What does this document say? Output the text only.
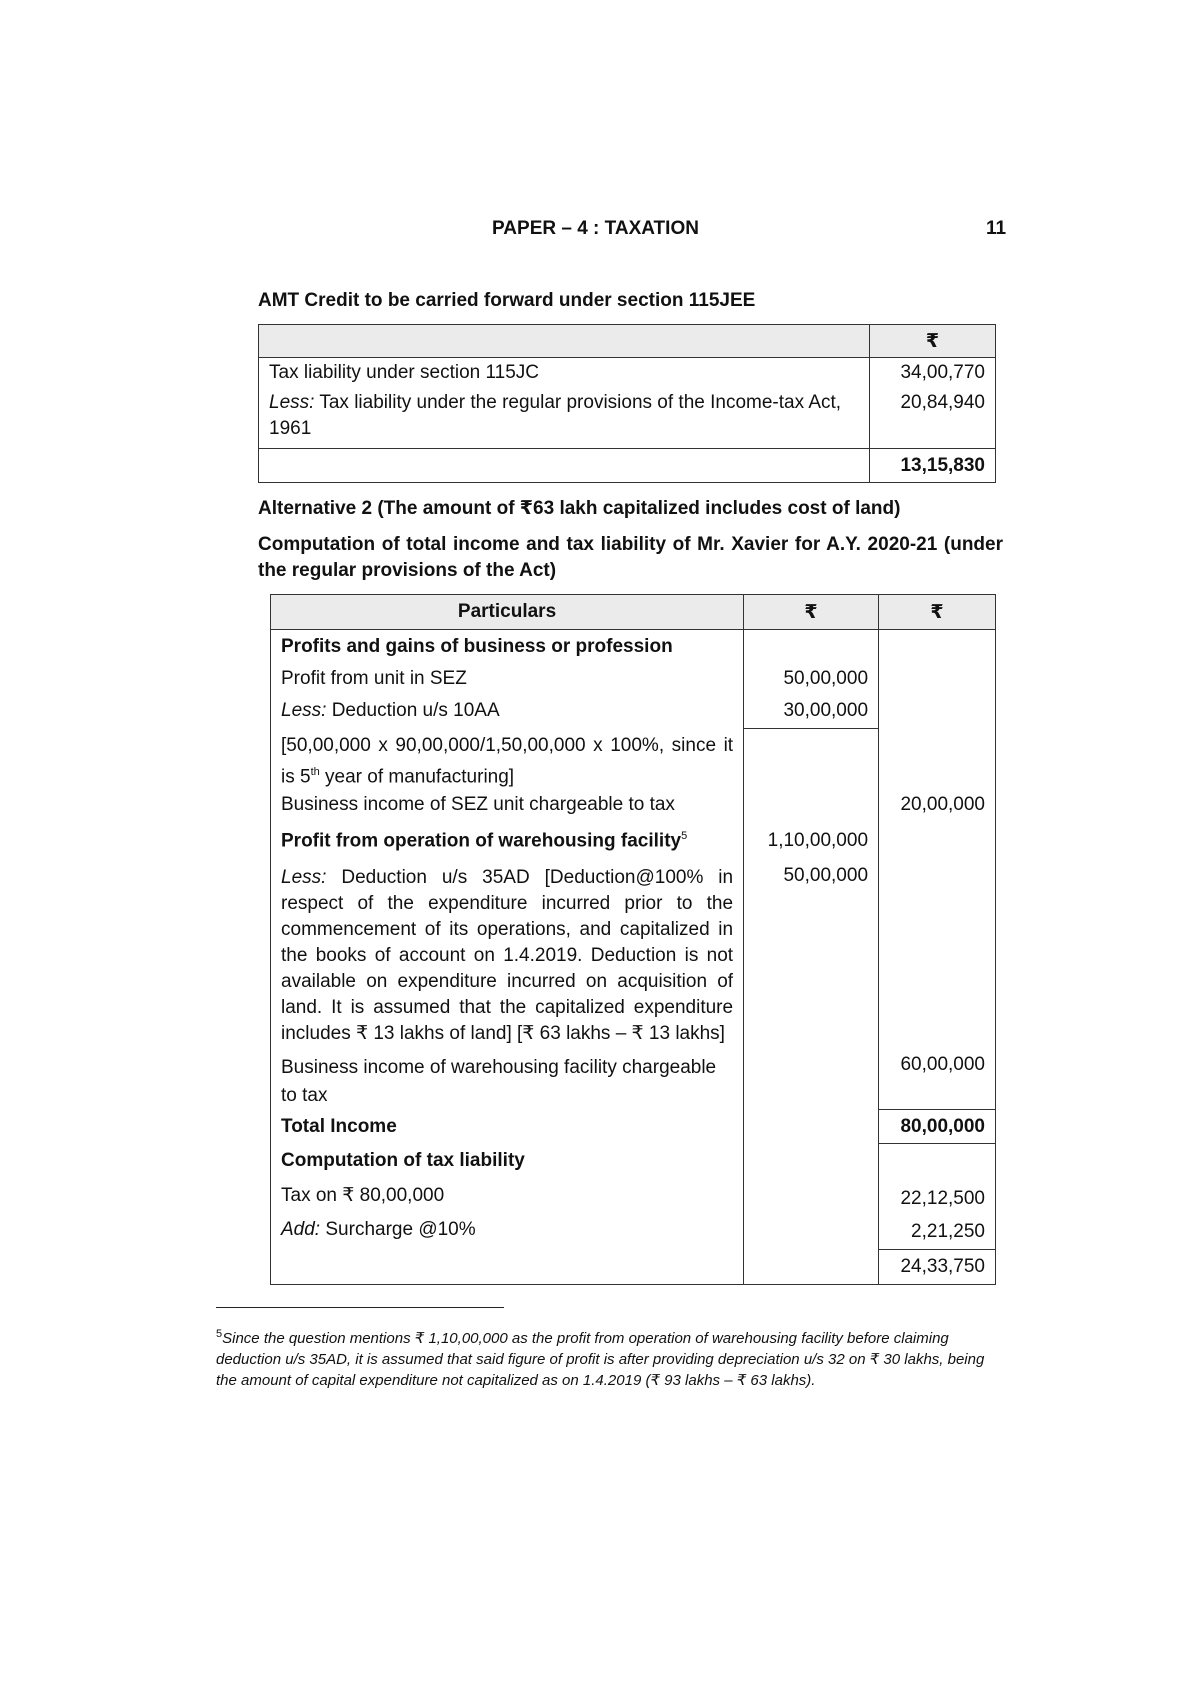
PAPER – 4 : TAXATION	11
AMT Credit to be carried forward under section 115JEE
	₹
Tax liability under section 115JC	34,00,770
Less: Tax liability under the regular provisions of the Income-tax Act, 1961	20,84,940
	13,15,830
Alternative 2 (The amount of ₹63 lakh capitalized includes cost of land)
Computation of total income and tax liability of Mr. Xavier for A.Y. 2020-21 (under the regular provisions of the Act)
Particulars	₹	₹
Profits and gains of business or profession		
Profit from unit in SEZ	50,00,000	
Less: Deduction u/s 10AA	30,00,000	
[50,00,000 x 90,00,000/1,50,00,000 x 100%, since it is 5th year of manufacturing]		
Business income of SEZ unit chargeable to tax		20,00,000
Profit from operation of warehousing facility$^5$	1,10,00,000	
Less: Deduction u/s 35AD [Deduction@100% in respect of the expenditure incurred prior to the commencement of its operations, and capitalized in the books of account on 1.4.2019. Deduction is not available on expenditure incurred on acquisition of land. It is assumed that the capitalized expenditure includes ₹ 13 lakhs of land] [₹ 63 lakhs – ₹ 13 lakhs]	50,00,000	
Business income of warehousing facility chargeable to tax		60,00,000
Total Income		80,00,000
Computation of tax liability		
Tax on ₹ 80,00,000		22,12,500
Add: Surcharge @10%		2,21,250
		24,33,750
$^5$Since the question mentions ₹ 1,10,00,000 as the profit from operation of warehousing facility before claiming deduction u/s 35AD, it is assumed that said figure of profit is after providing depreciation u/s 32 on ₹ 30 lakhs, being the amount of capital expenditure not capitalized as on 1.4.2019 (₹ 93 lakhs – ₹ 63 lakhs).
